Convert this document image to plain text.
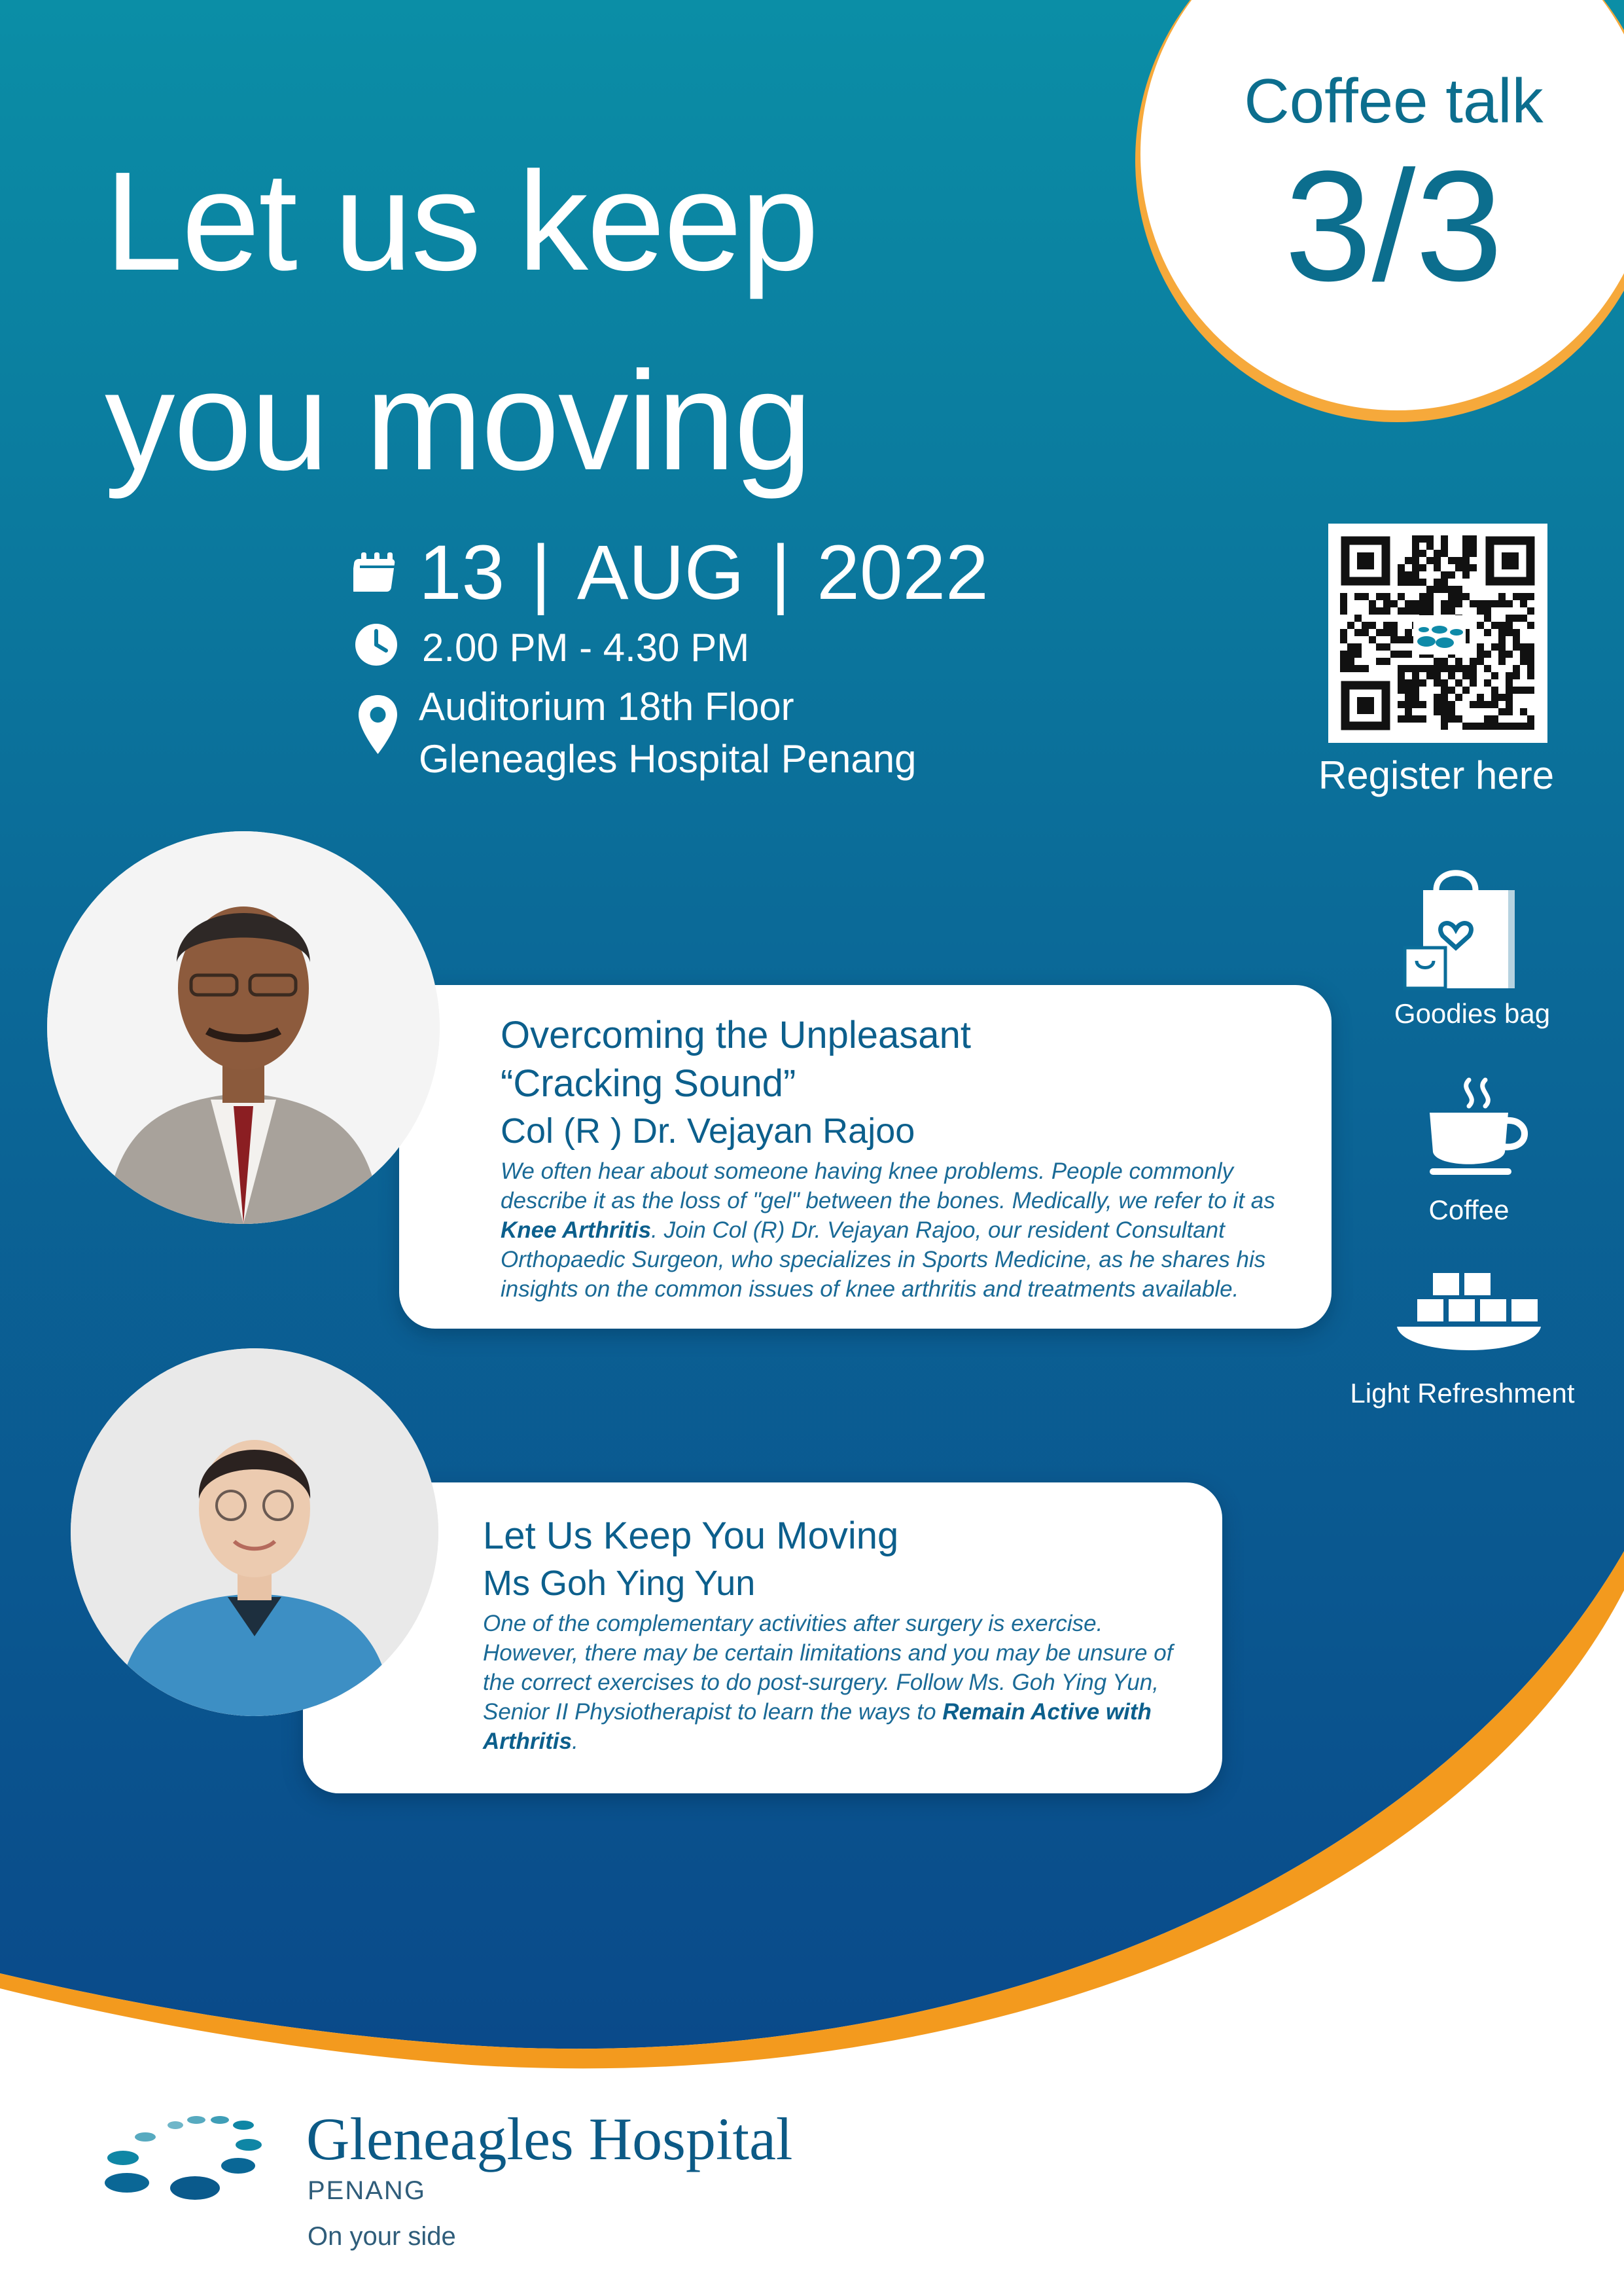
Let us keep
you moving
Coffee talk
3/3
13 | AUG | 2022
2.00 PM - 4.30 PM
Auditorium 18th Floor
Gleneagles Hospital Penang	Register here
Goodies bag
Coffee
Light Refreshment
Overcoming the Unpleasant
“Cracking Sound”
Col (R ) Dr. Vejayan Rajoo
We often hear about someone having knee problems. People commonly describe it as the loss of "gel" between the bones. Medically, we refer to it as Knee Arthritis. Join Col (R) Dr. Vejayan Rajoo, our resident Consultant Orthopaedic Surgeon, who specializes in Sports Medicine, as he shares his insights on the common issues of knee arthritis and treatments available.
Let Us Keep You Moving
Ms Goh Ying Yun
One of the complementary activities after surgery is exercise. However, there may be certain limitations and you may be unsure of the correct exercises to do post-surgery. Follow Ms. Goh Ying Yun, Senior II Physiotherapist to learn the ways to Remain Active with Arthritis.
Gleneagles Hospital
PENANG
On your side
